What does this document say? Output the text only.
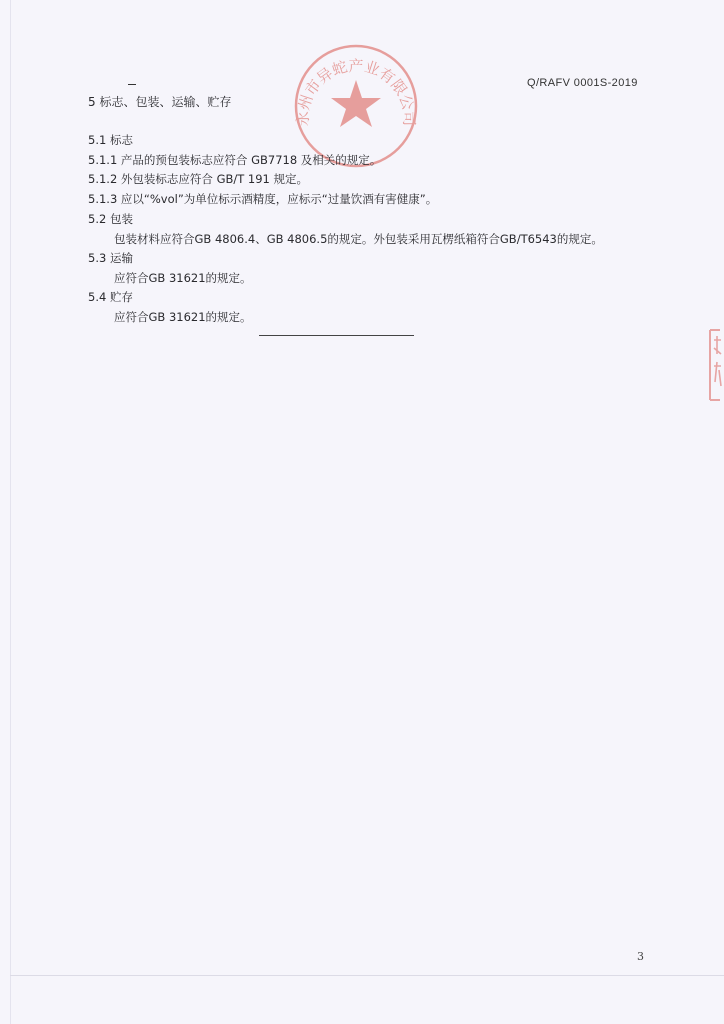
Q/RAFV 0001S-2019
永州市异蛇产业有限公司
5 标志、包装、运输、贮存
5.1 标志
5.1.1 产品的预包装标志应符合 GB7718 及相关的规定。
5.1.2 外包装标志应符合 GB/T 191 规定。
5.1.3 应以“%vol”为单位标示酒精度，应标示“过量饮酒有害健康”。
5.2 包装
包装材料应符合GB 4806.4、GB 4806.5的规定。外包装采用瓦楞纸箱符合GB/T6543的规定。
5.3 运输
应符合GB 31621的规定。
5.4 贮存
应符合GB 31621的规定。
3
